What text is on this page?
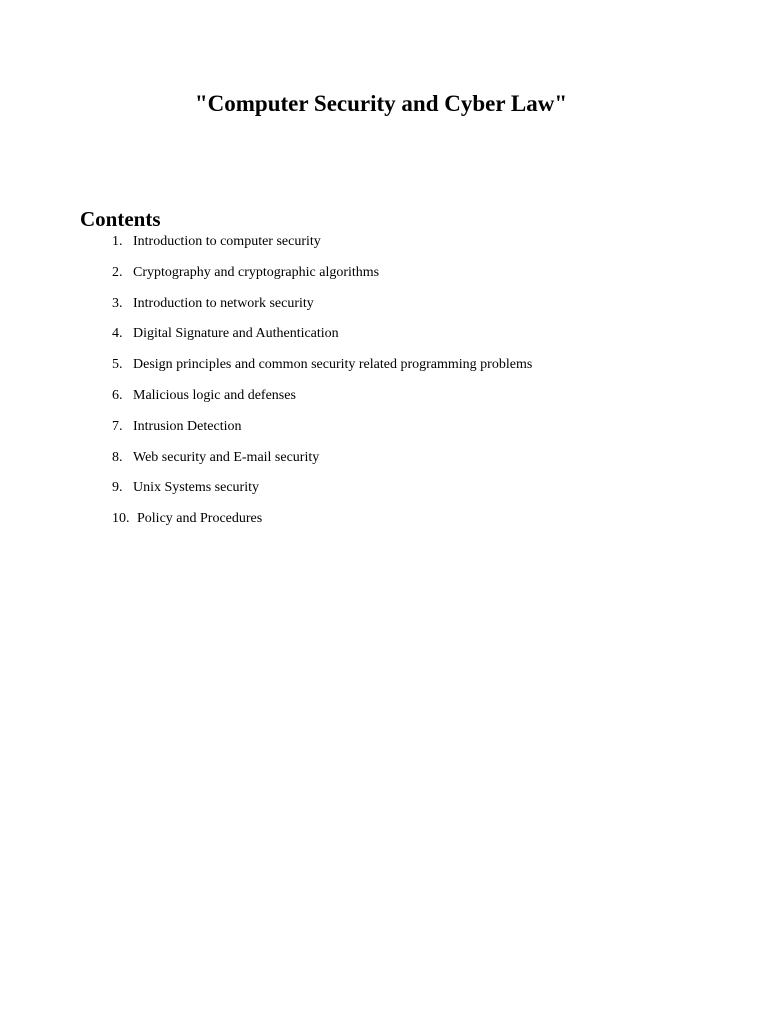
"Computer Security and Cyber Law"
Contents
1. Introduction to computer security
2. Cryptography and cryptographic algorithms
3. Introduction to network security
4. Digital Signature and Authentication
5. Design principles and common security related programming problems
6. Malicious logic and defenses
7. Intrusion Detection
8. Web security and E-mail security
9. Unix Systems security
10. Policy and Procedures
